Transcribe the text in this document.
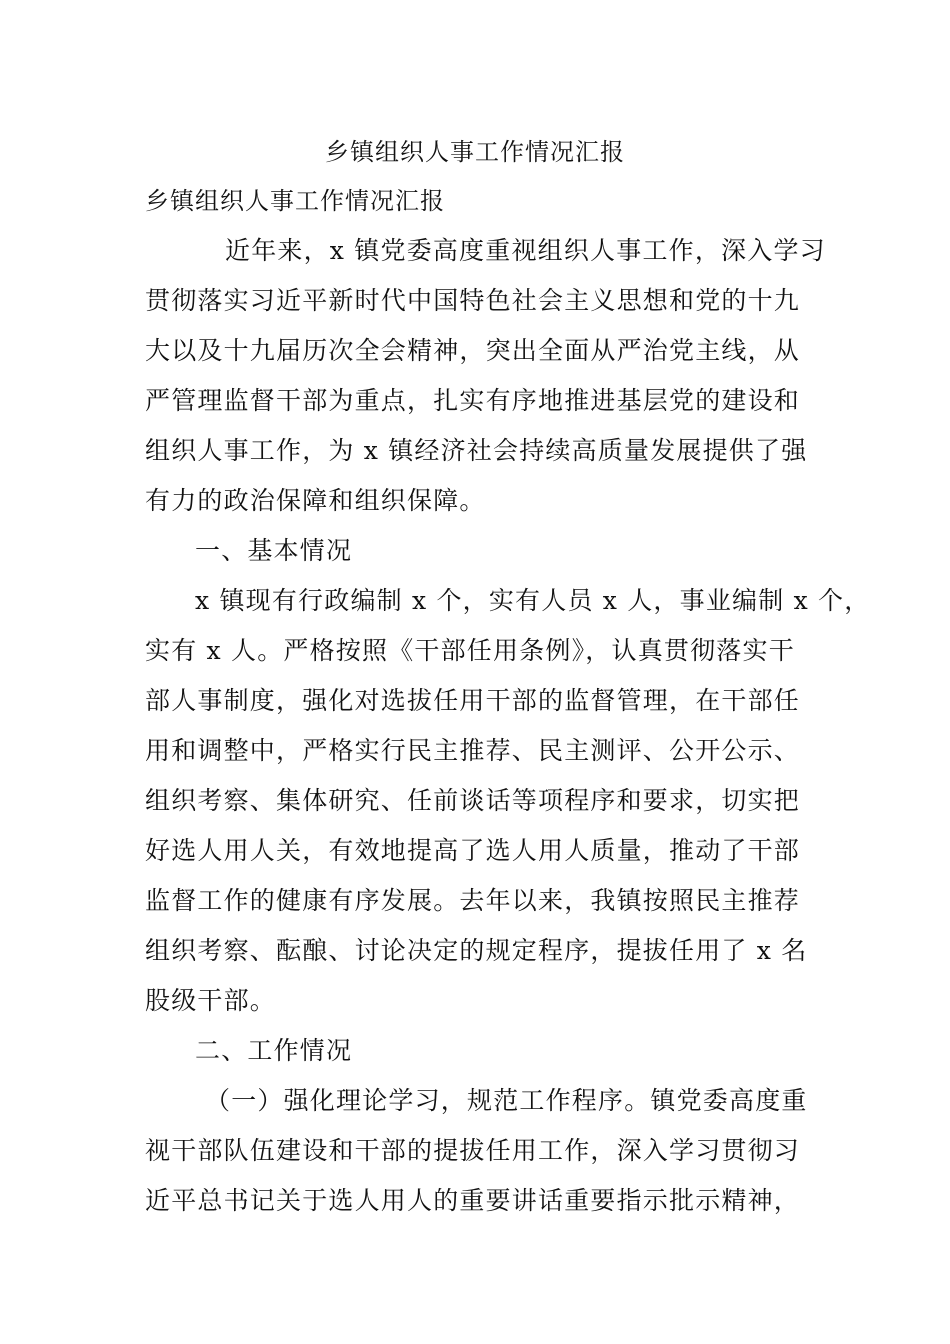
乡镇组织人事工作情况汇报
乡镇组织人事工作情况汇报
近年来，x 镇党委高度重视组织人事工作，深入学习
贯彻落实习近平新时代中国特色社会主义思想和党的十九
大以及十九届历次全会精神，突出全面从严治党主线，从
严管理监督干部为重点，扎实有序地推进基层党的建设和
组织人事工作，为 x 镇经济社会持续高质量发展提供了强
有力的政治保障和组织保障。
一、基本情况
x 镇现有行政编制 x 个，实有人员 x 人，事业编制 x 个，
实有 x 人。严格按照《干部任用条例》，认真贯彻落实干
部人事制度，强化对选拔任用干部的监督管理，在干部任
用和调整中，严格实行民主推荐、民主测评、公开公示、
组织考察、集体研究、任前谈话等项程序和要求，切实把
好选人用人关，有效地提高了选人用人质量，推动了干部
监督工作的健康有序发展。去年以来，我镇按照民主推荐
组织考察、酝酿、讨论决定的规定程序，提拔任用了 x 名
股级干部。
二、工作情况
（一）强化理论学习，规范工作程序。镇党委高度重
视干部队伍建设和干部的提拔任用工作，深入学习贯彻习
近平总书记关于选人用人的重要讲话重要指示批示精神，
